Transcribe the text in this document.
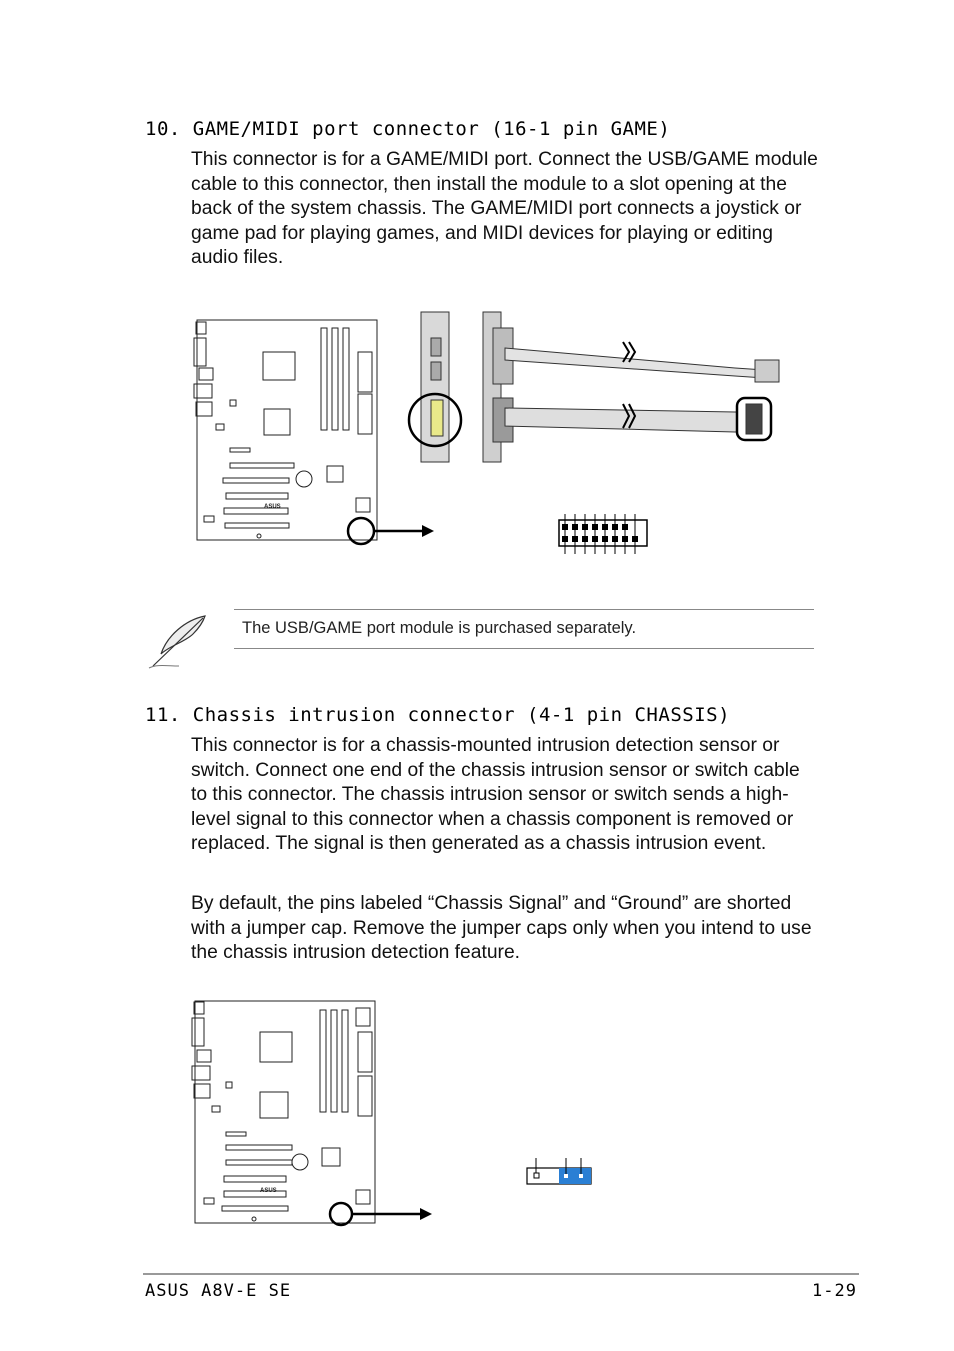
10. GAME/MIDI port connector (16-1 pin GAME)

This connector is for a GAME/MIDI port. Connect the USB/GAME module cable to this connector, then install the module to a slot opening at the back of the system chassis. The GAME/MIDI port connects a joystick or game pad for playing games, and MIDI devices for playing or editing audio files.

ASUS
The USB/GAME port module is purchased separately.
11. Chassis intrusion connector (4-1 pin CHASSIS)

This connector is for a chassis-mounted intrusion detection sensor or switch. Connect one end of the chassis intrusion sensor or switch cable to this connector. The chassis intrusion sensor or switch sends a high-level signal to this connector when a chassis component is removed or replaced. The signal is then generated as a chassis intrusion event.

By default, the pins labeled “Chassis Signal” and “Ground” are shorted with a jumper cap. Remove the jumper caps only when you intend to use the chassis intrusion detection feature.

ASUS
ASUS A8V-E SE	1-29
